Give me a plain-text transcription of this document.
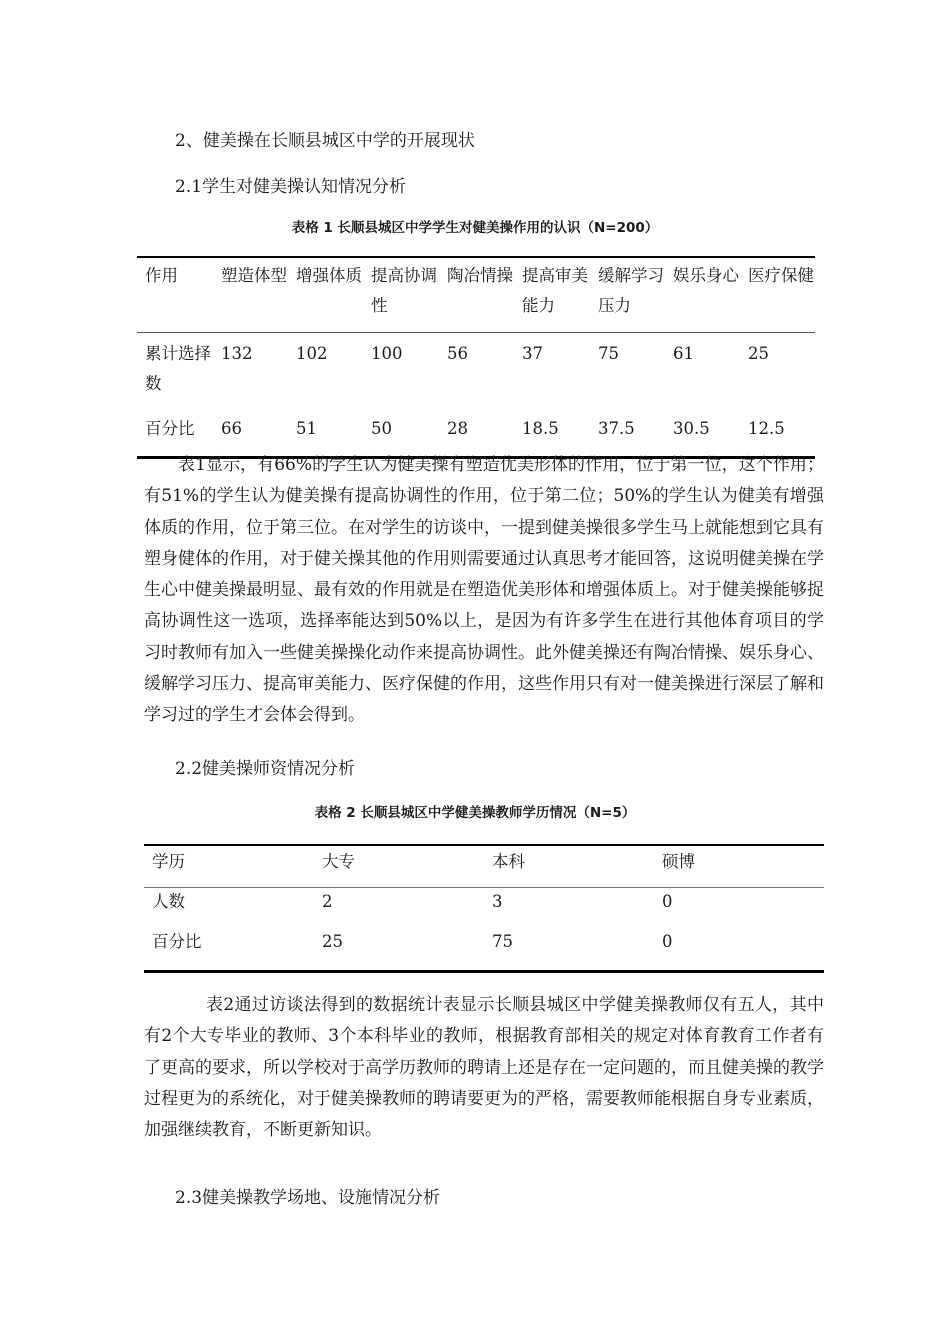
2、健美操在长顺县城区中学的开展现状
2.1学生对健美操认知情况分析
表格 1 长顺县城区中学学生对健美操作用的认识（N=200）
作用	塑造体型	增强体质	提高协调性	陶冶情操	提高审美能力	缓解学习压力	娱乐身心	医疗保健
累计选择数	132	102	100	56	37	75	61	25
百分比	66	51	50	28	18.5	37.5	30.5	12.5
表1显示，有66%的学生认为健美操有塑造优美形体的作用，位于第一位，这个作用；有51%的学生认为健美操有提高协调性的作用，位于第二位；50%的学生认为健美有增强体质的作用，位于第三位。在对学生的访谈中，一提到健美操很多学生马上就能想到它具有塑身健体的作用，对于健关操其他的作用则需要通过认真思考才能回答，这说明健美操在学生心中健美操最明显、最有效的作用就是在塑造优美形体和增强体质上。对于健美操能够捉高协调性这一选项，选择率能达到50%以上，是因为有许多学生在进行其他体育项目的学习时教师有加入一些健美操操化动作来提高协调性。此外健美操还有陶冶情操、娱乐身心、缓解学习压力、提高审美能力、医疗保健的作用，这些作用只有对一健美操进行深层了解和学习过的学生才会体会得到。
2.2健美操师资情况分析
表格 2 长顺县城区中学健美操教师学历情况（N=5）
学历	大专	本科	硕博
人数	2	3	0
百分比	25	75	0
表2通过访谈法得到的数据统计表显示长顺县城区中学健美操教师仅有五人，其中有2个大专毕业的教师、3个本科毕业的教师，根据教育部相关的规定对体育教育工作者有了更高的要求，所以学校对于高学历教师的聘请上还是存在一定问题的，而且健美操的教学过程更为的系统化，对于健美操教师的聘请要更为的严格，需要教师能根据自身专业素质，加强继续教育，不断更新知识。
2.3健美操教学场地、设施情况分析
